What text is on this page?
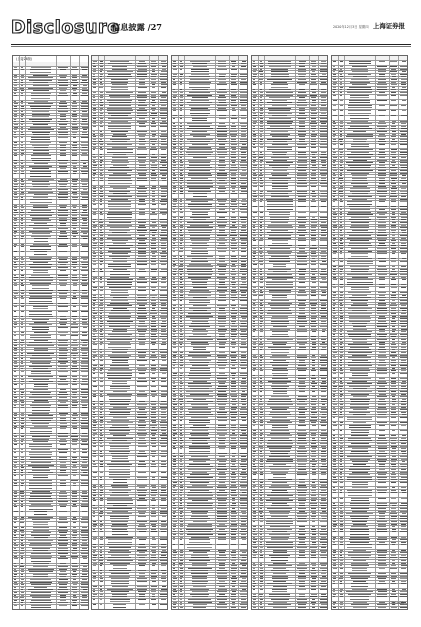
Disclosure
信息披露 /27	2020年12月3日 星期四 上海证券报
(上接26版)
(下转28版)
